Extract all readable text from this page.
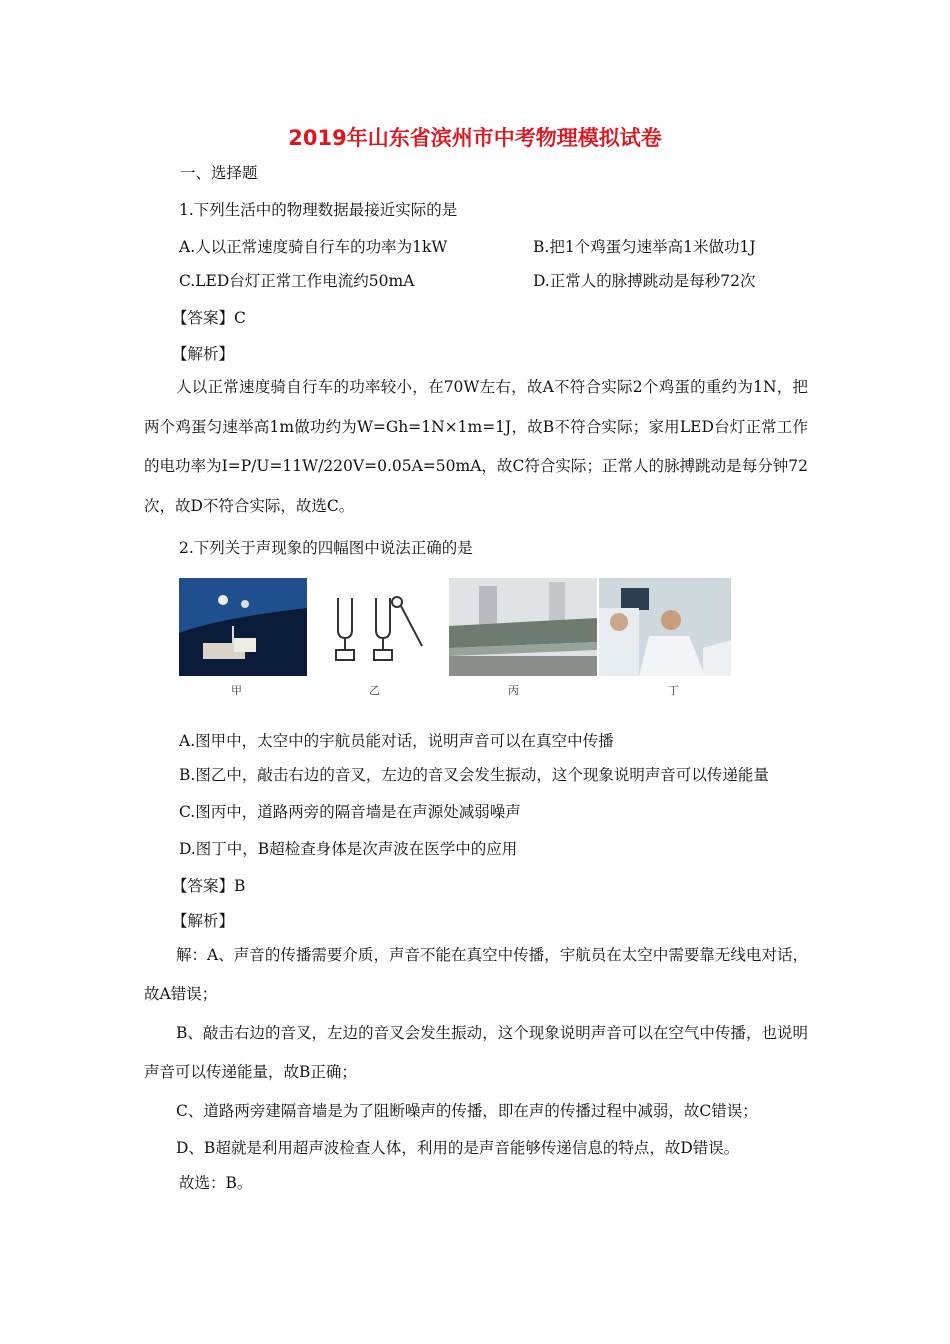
2019年山东省滨州市中考物理模拟试卷
一、选择题
1.下列生活中的物理数据最接近实际的是
A.人以正常速度骑自行车的功率为1kW	B.把1个鸡蛋匀速举高1米做功1J
C.LED台灯正常工作电流约50mA	D.正常人的脉搏跳动是每秒72次
【答案】C
【解析】
人以正常速度骑自行车的功率较小，在70W左右，故A不符合实际2个鸡蛋的重约为1N，把两个鸡蛋匀速举高1m做功约为W=Gh=1N×1m=1J，故B不符合实际；家用LED台灯正常工作的电功率为I=P/U=11W/220V=0.05A=50mA，故C符合实际；正常人的脉搏跳动是每分钟72次，故D不符合实际，故选C。
2.下列关于声现象的四幅图中说法正确的是
甲	乙	丙	丁
A.图甲中，太空中的宇航员能对话，说明声音可以在真空中传播
B.图乙中，敲击右边的音叉，左边的音叉会发生振动，这个现象说明声音可以传递能量
C.图丙中，道路两旁的隔音墙是在声源处减弱噪声
D.图丁中，B超检查身体是次声波在医学中的应用
【答案】B
【解析】
解：A、声音的传播需要介质，声音不能在真空中传播，宇航员在太空中需要靠无线电对话，故A错误；
B、敲击右边的音叉，左边的音叉会发生振动，这个现象说明声音可以在空气中传播，也说明声音可以传递能量，故B正确；
C、道路两旁建隔音墙是为了阻断噪声的传播，即在声的传播过程中减弱，故C错误；
D、B超就是利用超声波检查人体，利用的是声音能够传递信息的特点，故D错误。
故选：B。
